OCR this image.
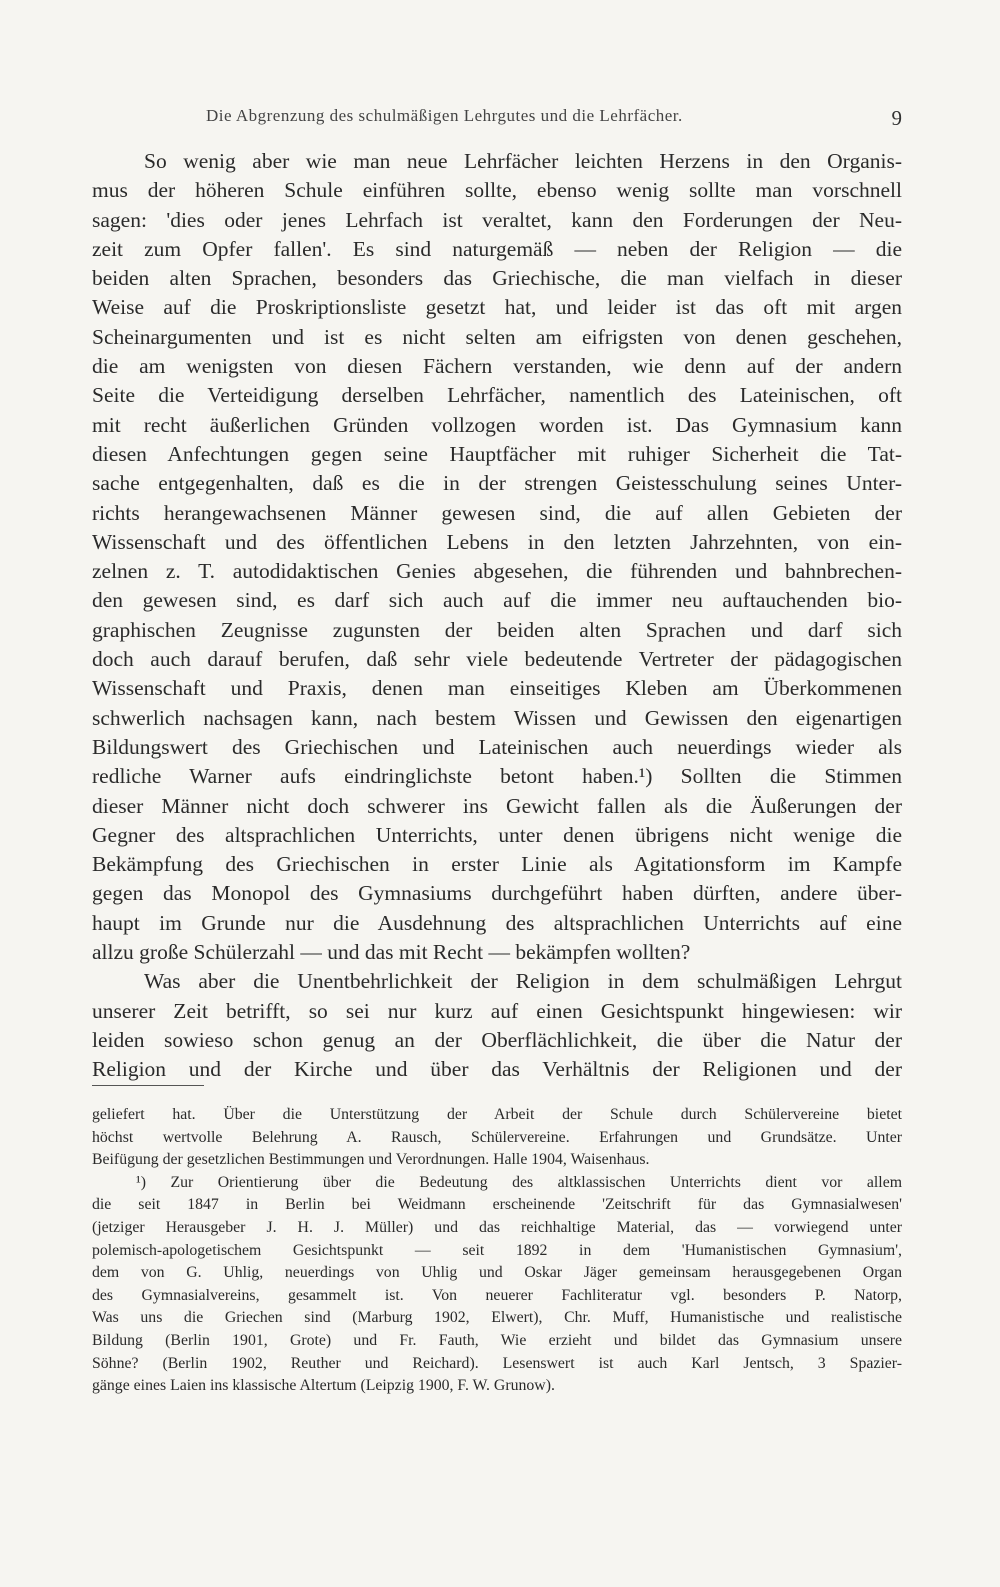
Die Abgrenzung des schulmäßigen Lehrgutes und die Lehrfächer.	9
So wenig aber wie man neue Lehrfächer leichten Herzens in den Organis-
mus der höheren Schule einführen sollte, ebenso wenig sollte man vorschnell
sagen: 'dies oder jenes Lehrfach ist veraltet, kann den Forderungen der Neu-
zeit zum Opfer fallen'. Es sind naturgemäß — neben der Religion — die
beiden alten Sprachen, besonders das Griechische, die man vielfach in dieser
Weise auf die Proskriptionsliste gesetzt hat, und leider ist das oft mit argen
Scheinargumenten und ist es nicht selten am eifrigsten von denen geschehen,
die am wenigsten von diesen Fächern verstanden, wie denn auf der andern
Seite die Verteidigung derselben Lehrfächer, namentlich des Lateinischen, oft
mit recht äußerlichen Gründen vollzogen worden ist. Das Gymnasium kann
diesen Anfechtungen gegen seine Hauptfächer mit ruhiger Sicherheit die Tat-
sache entgegenhalten, daß es die in der strengen Geistesschulung seines Unter-
richts herangewachsenen Männer gewesen sind, die auf allen Gebieten der
Wissenschaft und des öffentlichen Lebens in den letzten Jahrzehnten, von ein-
zelnen z. T. autodidaktischen Genies abgesehen, die führenden und bahnbrechen-
den gewesen sind, es darf sich auch auf die immer neu auftauchenden bio-
graphischen Zeugnisse zugunsten der beiden alten Sprachen und darf sich
doch auch darauf berufen, daß sehr viele bedeutende Vertreter der pädagogischen
Wissenschaft und Praxis, denen man einseitiges Kleben am Überkommenen
schwerlich nachsagen kann, nach bestem Wissen und Gewissen den eigenartigen
Bildungswert des Griechischen und Lateinischen auch neuerdings wieder als
redliche Warner aufs eindringlichste betont haben.¹) Sollten die Stimmen
dieser Männer nicht doch schwerer ins Gewicht fallen als die Äußerungen der
Gegner des altsprachlichen Unterrichts, unter denen übrigens nicht wenige die
Bekämpfung des Griechischen in erster Linie als Agitationsform im Kampfe
gegen das Monopol des Gymnasiums durchgeführt haben dürften, andere über-
haupt im Grunde nur die Ausdehnung des altsprachlichen Unterrichts auf eine
allzu große Schülerzahl — und das mit Recht — bekämpfen wollten?
Was aber die Unentbehrlichkeit der Religion in dem schulmäßigen Lehrgut
unserer Zeit betrifft, so sei nur kurz auf einen Gesichtspunkt hingewiesen: wir
leiden sowieso schon genug an der Oberflächlichkeit, die über die Natur der
Religion und der Kirche und über das Verhältnis der Religionen und der
geliefert hat. Über die Unterstützung der Arbeit der Schule durch Schülervereine bietet
höchst wertvolle Belehrung A. Rausch, Schülervereine. Erfahrungen und Grundsätze. Unter
Beifügung der gesetzlichen Bestimmungen und Verordnungen. Halle 1904, Waisenhaus.
¹) Zur Orientierung über die Bedeutung des altklassischen Unterrichts dient vor allem
die seit 1847 in Berlin bei Weidmann erscheinende 'Zeitschrift für das Gymnasialwesen'
(jetziger Herausgeber J. H. J. Müller) und das reichhaltige Material, das — vorwiegend unter
polemisch-apologetischem Gesichtspunkt — seit 1892 in dem 'Humanistischen Gymnasium',
dem von G. Uhlig, neuerdings von Uhlig und Oskar Jäger gemeinsam herausgegebenen Organ
des Gymnasialvereins, gesammelt ist. Von neuerer Fachliteratur vgl. besonders P. Natorp,
Was uns die Griechen sind (Marburg 1902, Elwert), Chr. Muff, Humanistische und realistische
Bildung (Berlin 1901, Grote) und Fr. Fauth, Wie erzieht und bildet das Gymnasium unsere
Söhne? (Berlin 1902, Reuther und Reichard). Lesenswert ist auch Karl Jentsch, 3 Spazier-
gänge eines Laien ins klassische Altertum (Leipzig 1900, F. W. Grunow).
